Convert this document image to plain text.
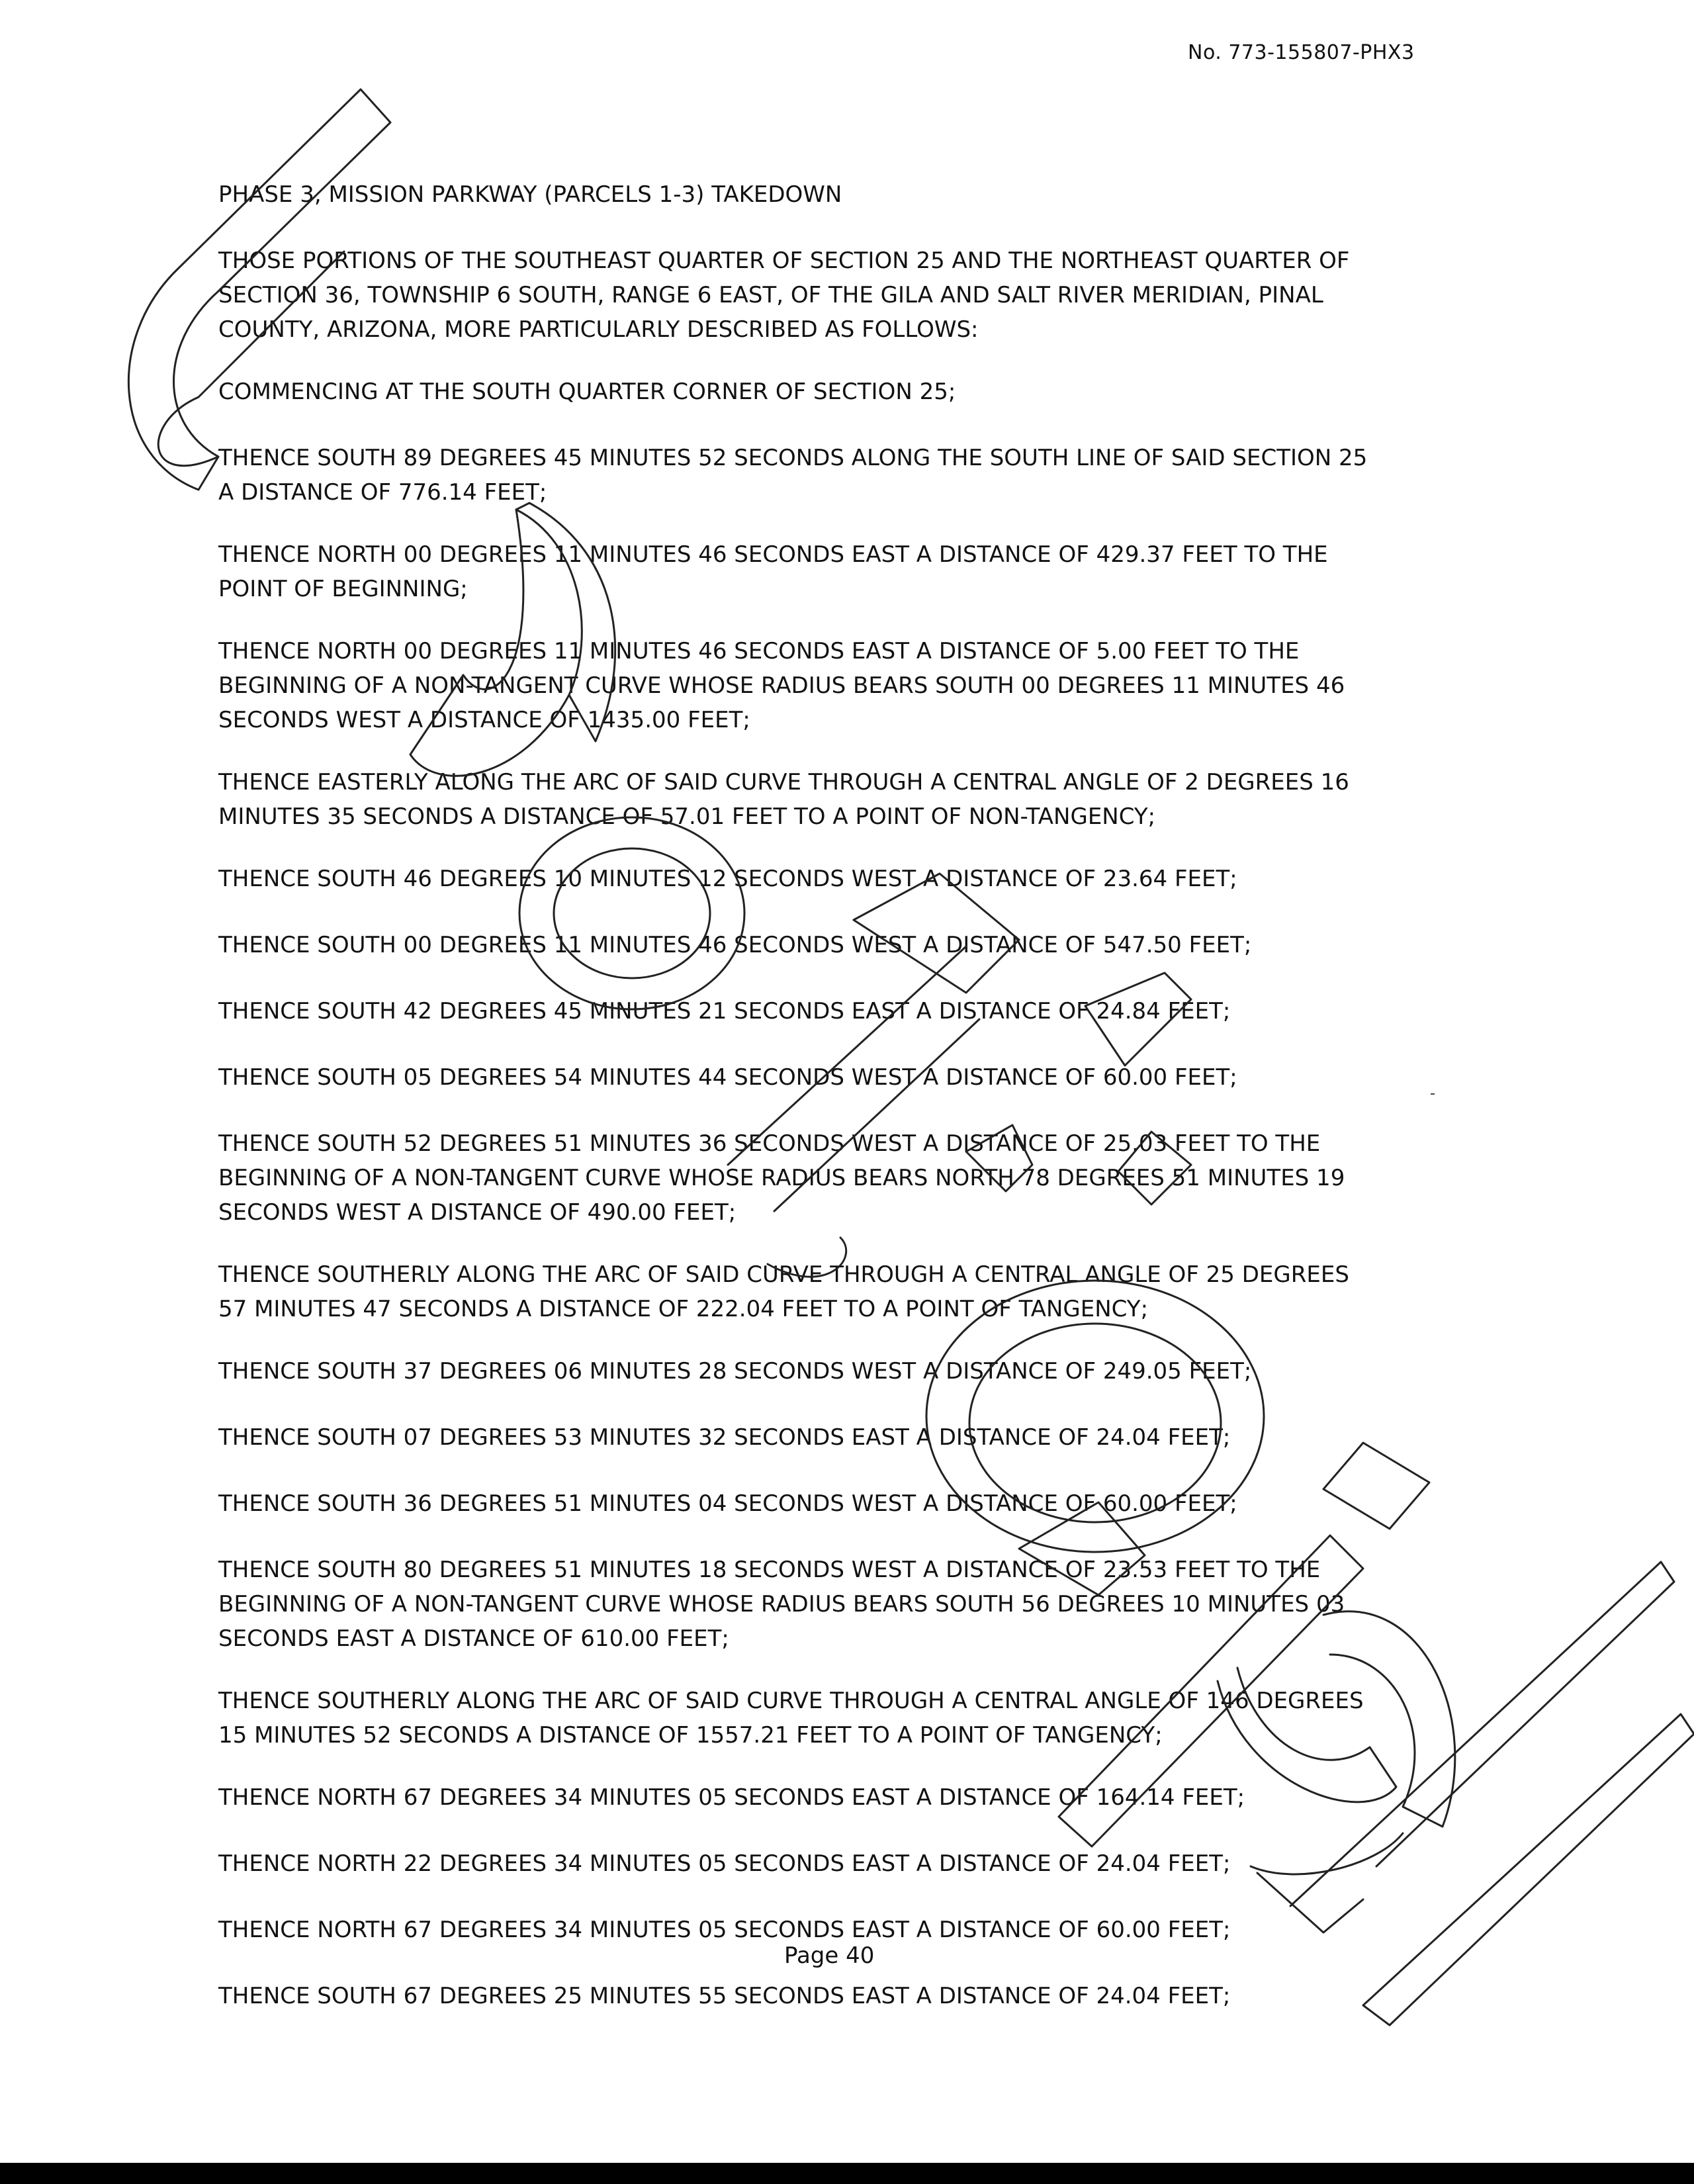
No. 773-155807-PHX3

PHASE 3, MISSION PARKWAY (PARCELS 1-3) TAKEDOWN

THOSE PORTIONS OF THE SOUTHEAST QUARTER OF SECTION 25 AND THE NORTHEAST QUARTER OF
SECTION 36, TOWNSHIP 6 SOUTH, RANGE 6 EAST, OF THE GILA AND SALT RIVER MERIDIAN, PINAL
COUNTY, ARIZONA, MORE PARTICULARLY DESCRIBED AS FOLLOWS:

COMMENCING AT THE SOUTH QUARTER CORNER OF SECTION 25;

THENCE SOUTH 89 DEGREES 45 MINUTES 52 SECONDS ALONG THE SOUTH LINE OF SAID SECTION 25
A DISTANCE OF 776.14 FEET;

THENCE NORTH 00 DEGREES 11 MINUTES 46 SECONDS EAST A DISTANCE OF 429.37 FEET TO THE
POINT OF BEGINNING;

THENCE NORTH 00 DEGREES 11 MINUTES 46 SECONDS EAST A DISTANCE OF 5.00 FEET TO THE
BEGINNING OF A NON-TANGENT CURVE WHOSE RADIUS BEARS SOUTH 00 DEGREES 11 MINUTES 46
SECONDS WEST A DISTANCE OF 1435.00 FEET;

THENCE EASTERLY ALONG THE ARC OF SAID CURVE THROUGH A CENTRAL ANGLE OF 2 DEGREES 16
MINUTES 35 SECONDS A DISTANCE OF 57.01 FEET TO A POINT OF NON-TANGENCY;

THENCE SOUTH 46 DEGREES 10 MINUTES 12 SECONDS WEST A DISTANCE OF 23.64 FEET;

THENCE SOUTH 00 DEGREES 11 MINUTES 46 SECONDS WEST A DISTANCE OF 547.50 FEET;

THENCE SOUTH 42 DEGREES 45 MINUTES 21 SECONDS EAST A DISTANCE OF 24.84 FEET;

THENCE SOUTH 05 DEGREES 54 MINUTES 44 SECONDS WEST A DISTANCE OF 60.00 FEET;

THENCE SOUTH 52 DEGREES 51 MINUTES 36 SECONDS WEST A DISTANCE OF 25.03 FEET TO THE
BEGINNING OF A NON-TANGENT CURVE WHOSE RADIUS BEARS NORTH 78 DEGREES 51 MINUTES 19
SECONDS WEST A DISTANCE OF 490.00 FEET;

THENCE SOUTHERLY ALONG THE ARC OF SAID CURVE THROUGH A CENTRAL ANGLE OF 25 DEGREES
57 MINUTES 47 SECONDS A DISTANCE OF 222.04 FEET TO A POINT OF TANGENCY;

THENCE SOUTH 37 DEGREES 06 MINUTES 28 SECONDS WEST A DISTANCE OF 249.05 FEET;

THENCE SOUTH 07 DEGREES 53 MINUTES 32 SECONDS EAST A DISTANCE OF 24.04 FEET;

THENCE SOUTH 36 DEGREES 51 MINUTES 04 SECONDS WEST A DISTANCE OF 60.00 FEET;

THENCE SOUTH 80 DEGREES 51 MINUTES 18 SECONDS WEST A DISTANCE OF 23.53 FEET TO THE
BEGINNING OF A NON-TANGENT CURVE WHOSE RADIUS BEARS SOUTH 56 DEGREES 10 MINUTES 03
SECONDS EAST A DISTANCE OF 610.00 FEET;

THENCE SOUTHERLY ALONG THE ARC OF SAID CURVE THROUGH A CENTRAL ANGLE OF 146 DEGREES
15 MINUTES 52 SECONDS A DISTANCE OF 1557.21 FEET TO A POINT OF TANGENCY;

THENCE NORTH 67 DEGREES 34 MINUTES 05 SECONDS EAST A DISTANCE OF 164.14 FEET;

THENCE NORTH 22 DEGREES 34 MINUTES 05 SECONDS EAST A DISTANCE OF 24.04 FEET;

THENCE NORTH 67 DEGREES 34 MINUTES 05 SECONDS EAST A DISTANCE OF 60.00 FEET;

THENCE SOUTH 67 DEGREES 25 MINUTES 55 SECONDS EAST A DISTANCE OF 24.04 FEET;

Page 40
